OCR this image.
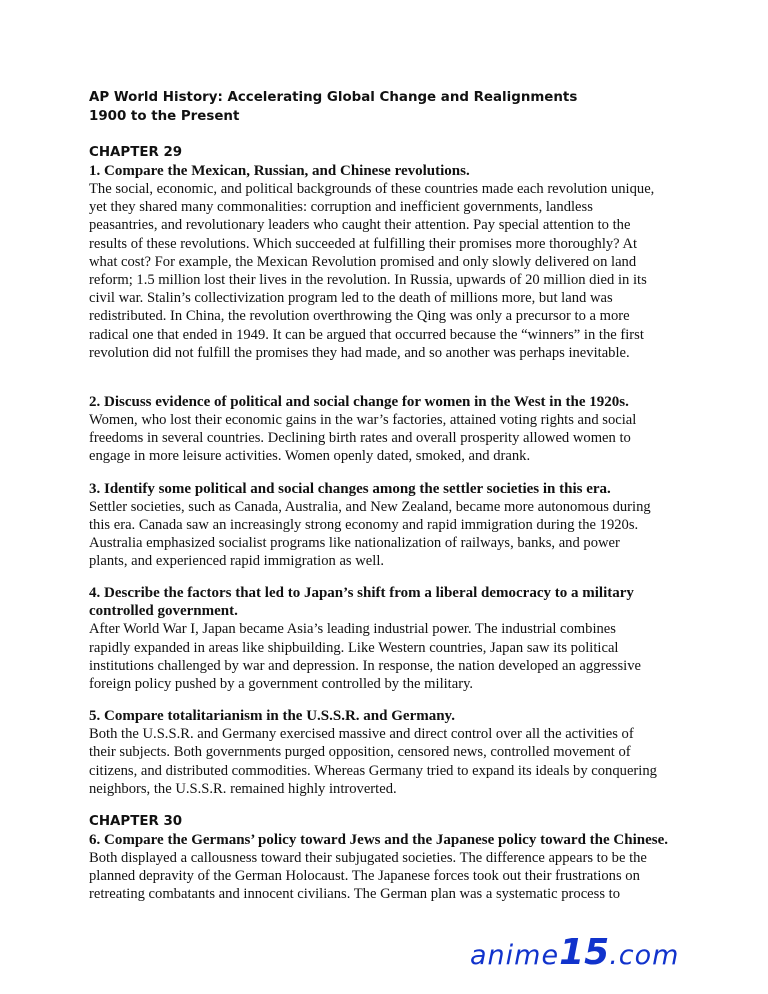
AP World History: Accelerating Global Change and Realignments

1900 to the Present

CHAPTER 29

1. Compare the Mexican, Russian, and Chinese revolutions.

The social, economic, and political backgrounds of these countries made each revolution unique,

yet they shared many commonalities: corruption and inefficient governments, landless

peasantries, and revolutionary leaders who caught their attention. Pay special attention to the

results of these revolutions. Which succeeded at fulfilling their promises more thoroughly? At

what cost? For example, the Mexican Revolution promised and only slowly delivered on land

reform; 1.5 million lost their lives in the revolution. In Russia, upwards of 20 million died in its

civil war. Stalin’s collectivization program led to the death of millions more, but land was

redistributed. In China, the revolution overthrowing the Qing was only a precursor to a more

radical one that ended in 1949. It can be argued that occurred because the “winners” in the first

revolution did not fulfill the promises they had made, and so another was perhaps inevitable.

2. Discuss evidence of political and social change for women in the West in the 1920s.

Women, who lost their economic gains in the war’s factories, attained voting rights and social

freedoms in several countries. Declining birth rates and overall prosperity allowed women to

engage in more leisure activities. Women openly dated, smoked, and drank.

3. Identify some political and social changes among the settler societies in this era.

Settler societies, such as Canada, Australia, and New Zealand, became more autonomous during

this era. Canada saw an increasingly strong economy and rapid immigration during the 1920s.

Australia emphasized socialist programs like nationalization of railways, banks, and power

plants, and experienced rapid immigration as well.

4. Describe the factors that led to Japan’s shift from a liberal democracy to a military

controlled government.

After World War I, Japan became Asia’s leading industrial power. The industrial combines

rapidly expanded in areas like shipbuilding. Like Western countries, Japan saw its political

institutions challenged by war and depression. In response, the nation developed an aggressive

foreign policy pushed by a government controlled by the military.

5. Compare totalitarianism in the U.S.S.R. and Germany.

Both the U.S.S.R. and Germany exercised massive and direct control over all the activities of

their subjects. Both governments purged opposition, censored news, controlled movement of

citizens, and distributed commodities. Whereas Germany tried to expand its ideals by conquering

neighbors, the U.S.S.R. remained highly introverted.

CHAPTER 30

6. Compare the Germans’ policy toward Jews and the Japanese policy toward the Chinese.

Both displayed a callousness toward their subjugated societies. The difference appears to be the

planned depravity of the German Holocaust. The Japanese forces took out their frustrations on

retreating combatants and innocent civilians. The German plan was a systematic process to

anime15.com
